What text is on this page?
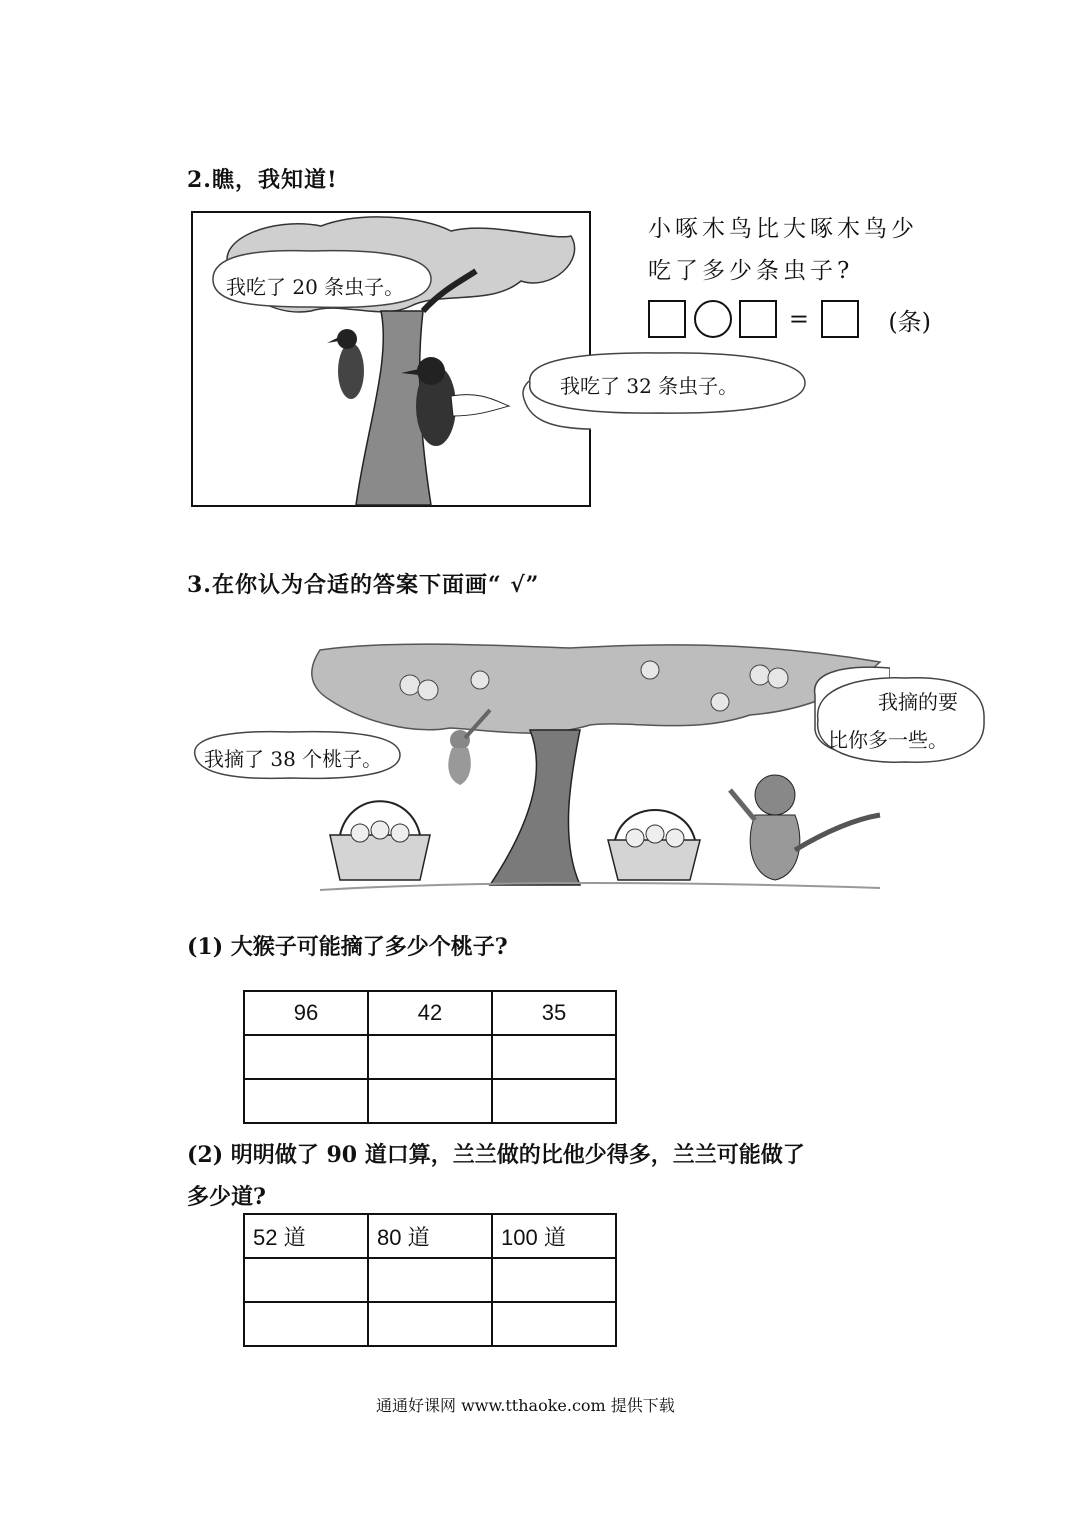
2.瞧，我知道!
我吃了 20 条虫子。
我吃了 32 条虫子。
小啄木鸟比大啄木鸟少
吃了多少条虫子?
=	(条)
3.在你认为合适的答案下面画“ √”
我摘了 38 个桃子。
我摘的要
比你多一些。
(1) 大猴子可能摘了多少个桃子?
96	42	35

(2) 明明做了 90 道口算，兰兰做的比他少得多，兰兰可能做了
多少道?
52 道	80 道	100 道

通通好课网 www.tthaoke.com 提供下载
